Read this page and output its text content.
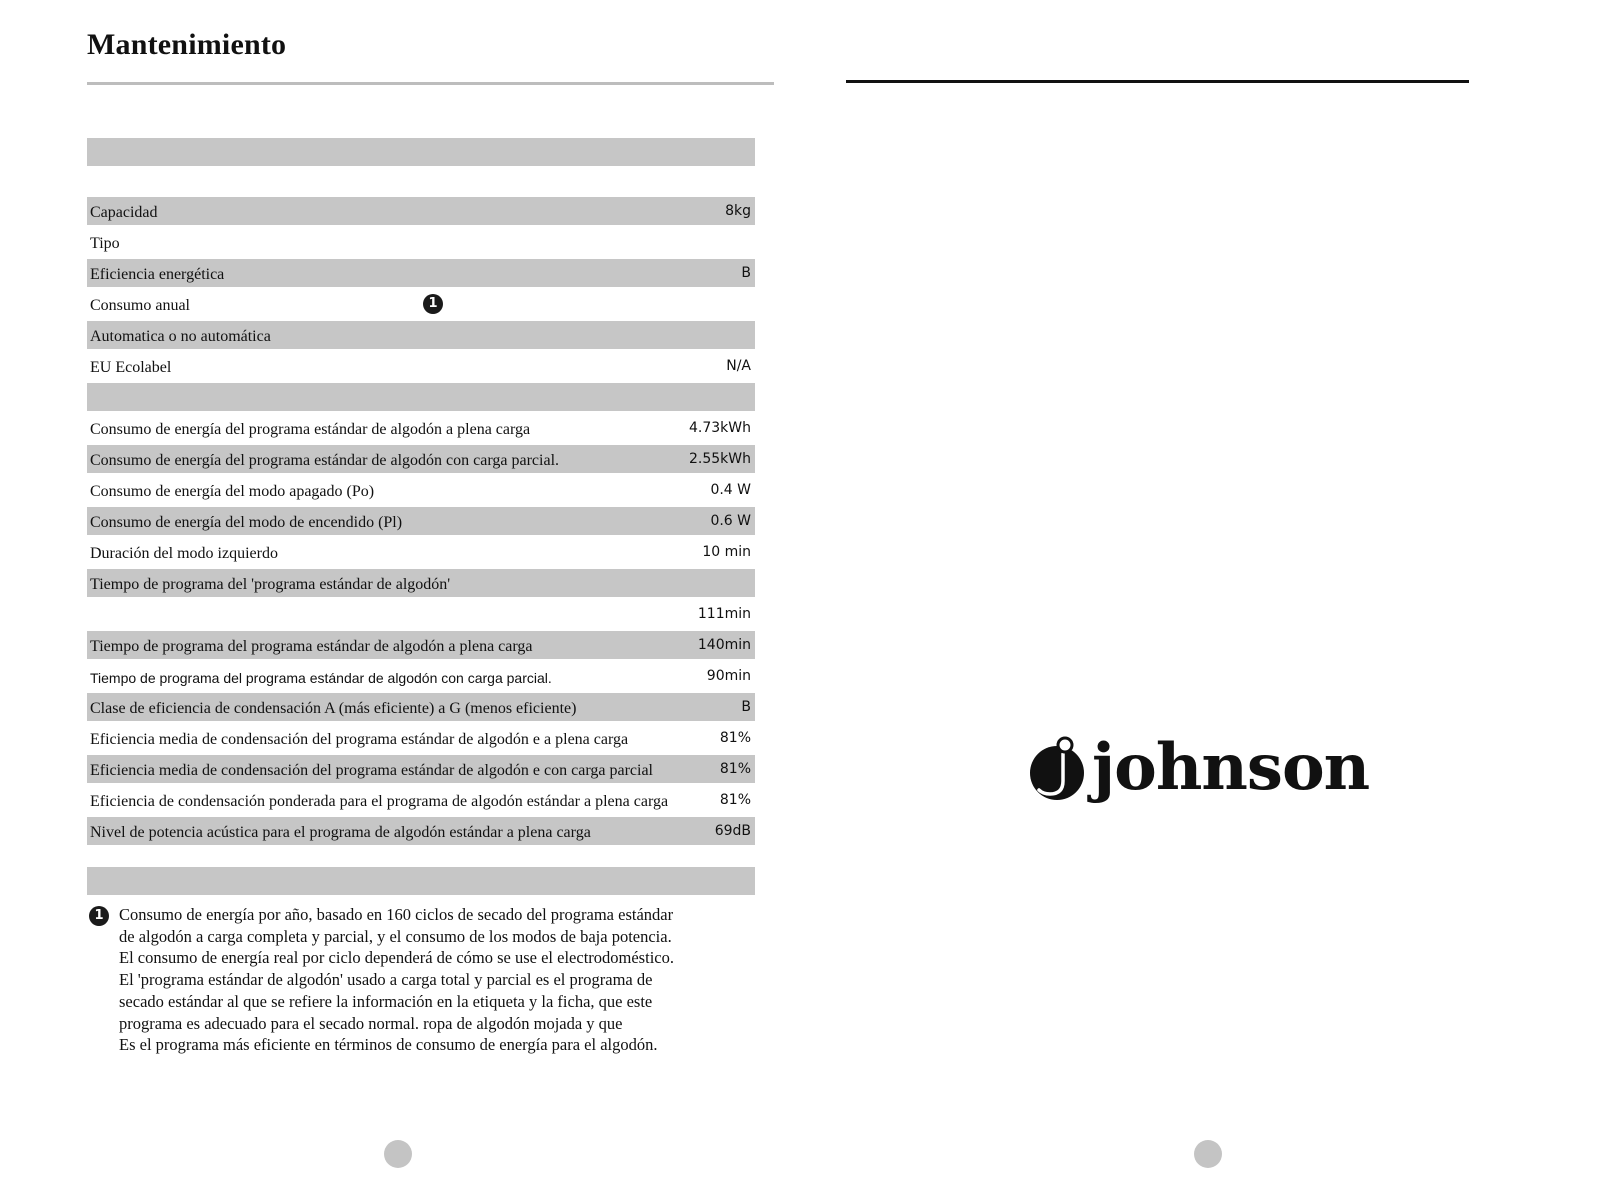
Mantenimiento
Capacidad	8kg
Tipo
Eficiencia energética	B
Consumo anual	1
Automatica o no automática
EU Ecolabel	N/A
Consumo de energía del programa estándar de algodón a plena carga	4.73kWh
Consumo de energía del programa estándar de algodón con carga parcial.	2.55kWh
Consumo de energía del modo apagado (Po)	0.4 W
Consumo de energía del modo de encendido (Pl)	0.6 W
Duración del modo izquierdo	10 min
Tiempo de programa del 'programa estándar de algodón'
111min
Tiempo de programa del programa estándar de algodón a plena carga	140min
Tiempo de programa del programa estándar de algodón con carga parcial.	90min
Clase de eficiencia de condensación A (más eficiente) a G (menos eficiente)	B
Eficiencia media de condensación del programa estándar de algodón e a plena carga	81%
Eficiencia media de condensación del programa estándar de algodón e con carga parcial	81%
Eficiencia de condensación ponderada para el programa de algodón estándar a plena carga	81%
Nivel de potencia acústica para el programa de algodón estándar a plena carga	69dB
1 Consumo de energía por año, basado en 160 ciclos de secado del programa estándar
de algodón a carga completa y parcial, y el consumo de los modos de baja potencia.
El consumo de energía real por ciclo dependerá de cómo se use el electrodoméstico.
El 'programa estándar de algodón' usado a carga total y parcial es el programa de
secado estándar al que se refiere la información en la etiqueta y la ficha, que este
programa es adecuado para el secado normal. ropa de algodón mojada y que
Es el programa más eficiente en términos de consumo de energía para el algodón.
johnson
